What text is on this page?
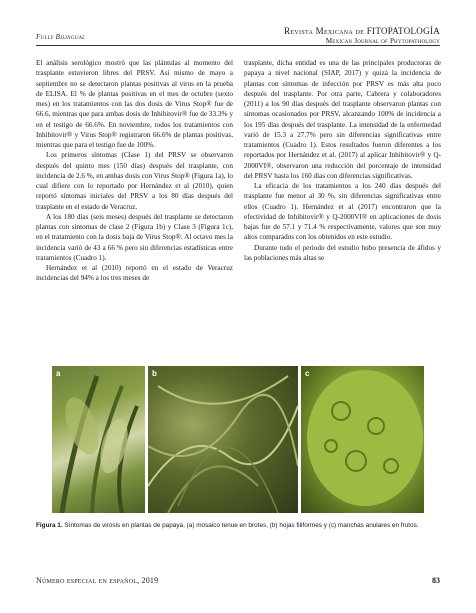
Fully Bilingual
Revista Mexicana de FITOPATOLOGÍA
Mexican Journal of Phytopathology

El análisis serológico mostró que las plántulas al momento del trasplante estuvieron libres del PRSV. Así mismo de mayo a septiembre no se detectaron plantas positivas al virus en la prueba de ELISA. El % de plantas positivas en el mes de octubre (sexto mes) en los tratamientos con las dos dosis de Virus Stop® fue de 66.6, mientras que para ambas dosis de Inhibitovir® fue de 33.3% y en el testigo de 66.6%. En noviembre, todos los tratamientos con Inhibitovir® y Virus Stop® registraron 66.6% de plantas positivas, mientras que para el testigo fue de 100%.

Los primeros síntomas (Clase 1) del PRSV se observaron después del quinto mes (150 días) después del trasplante, con incidencia de 2.6 %, en ambas dosis con Virus Stop® (Figura 1a), lo cual difiere con lo reportado por Hernández et al (2010), quien reportó síntomas iniciales del PRSV a los 80 días después del trasplante en el estado de Veracruz.

A los 180 días (seis meses) después del trasplante se detectaron plantas con síntomas de clase 2 (Figura 1b) y Clase 3 (Figura 1c), en el tratamiento con la dosis baja de Virus Stop®. Al octavo mes la incidencia varió de 43 a 66 % pero sin diferencias estadísticas entre tratamientos (Cuadro 1).

Hernández et al (2010) reportó en el estado de Veracruz incidencias del 94% a los tres meses de

trasplante, dicha entidad es una de las principales productoras de papaya a nivel nacional (SIAP, 2017) y quizá la incidencia de plantas con síntomas de infección por PRSV es más alta poco después del trasplante. Por otra parte, Cabrera y colaboradores (2011) a los 90 días después del trasplante observaron plantas con síntomas ocasionados por PRSV, alcanzando 100% de incidencia a los 195 días después del trasplante. La intensidad de la enfermedad varió de 15.3 a 27.7% pero sin diferencias significativas entre tratamientos (Cuadro 1). Estos resultados fueron diferentes a los reportados por Hernández et al. (2017) al aplicar Inhibitovir® y Q-2000VI®, observaron una reducción del porcentaje de intensidad del PRSV hasta los 160 días con diferencias significativas.

La eficacia de los tratamientos a los 240 días después del trasplante fue menor al 30 %, sin diferencias significativas entre ellos (Cuadro 1). Hernández et al (2017) encontraron que la efectividad de Inhibitovir® y Q-2000VI® en aplicaciones de dosis bajas fue de 57.1 y 71.4 % respectivamente, valores que son muy altos comparados con los obtenidos en este estudio.

Durante todo el periodo del estudio hubo presencia de áfidos y las poblaciones más altas se

a	b	c
Figura 1. Síntomas de virosis en plantas de papaya, (a) mosaico tenue en brotes, (b) hojas filiformes y (c) manchas anulares en frutos.
Número especial en español, 2019	83
